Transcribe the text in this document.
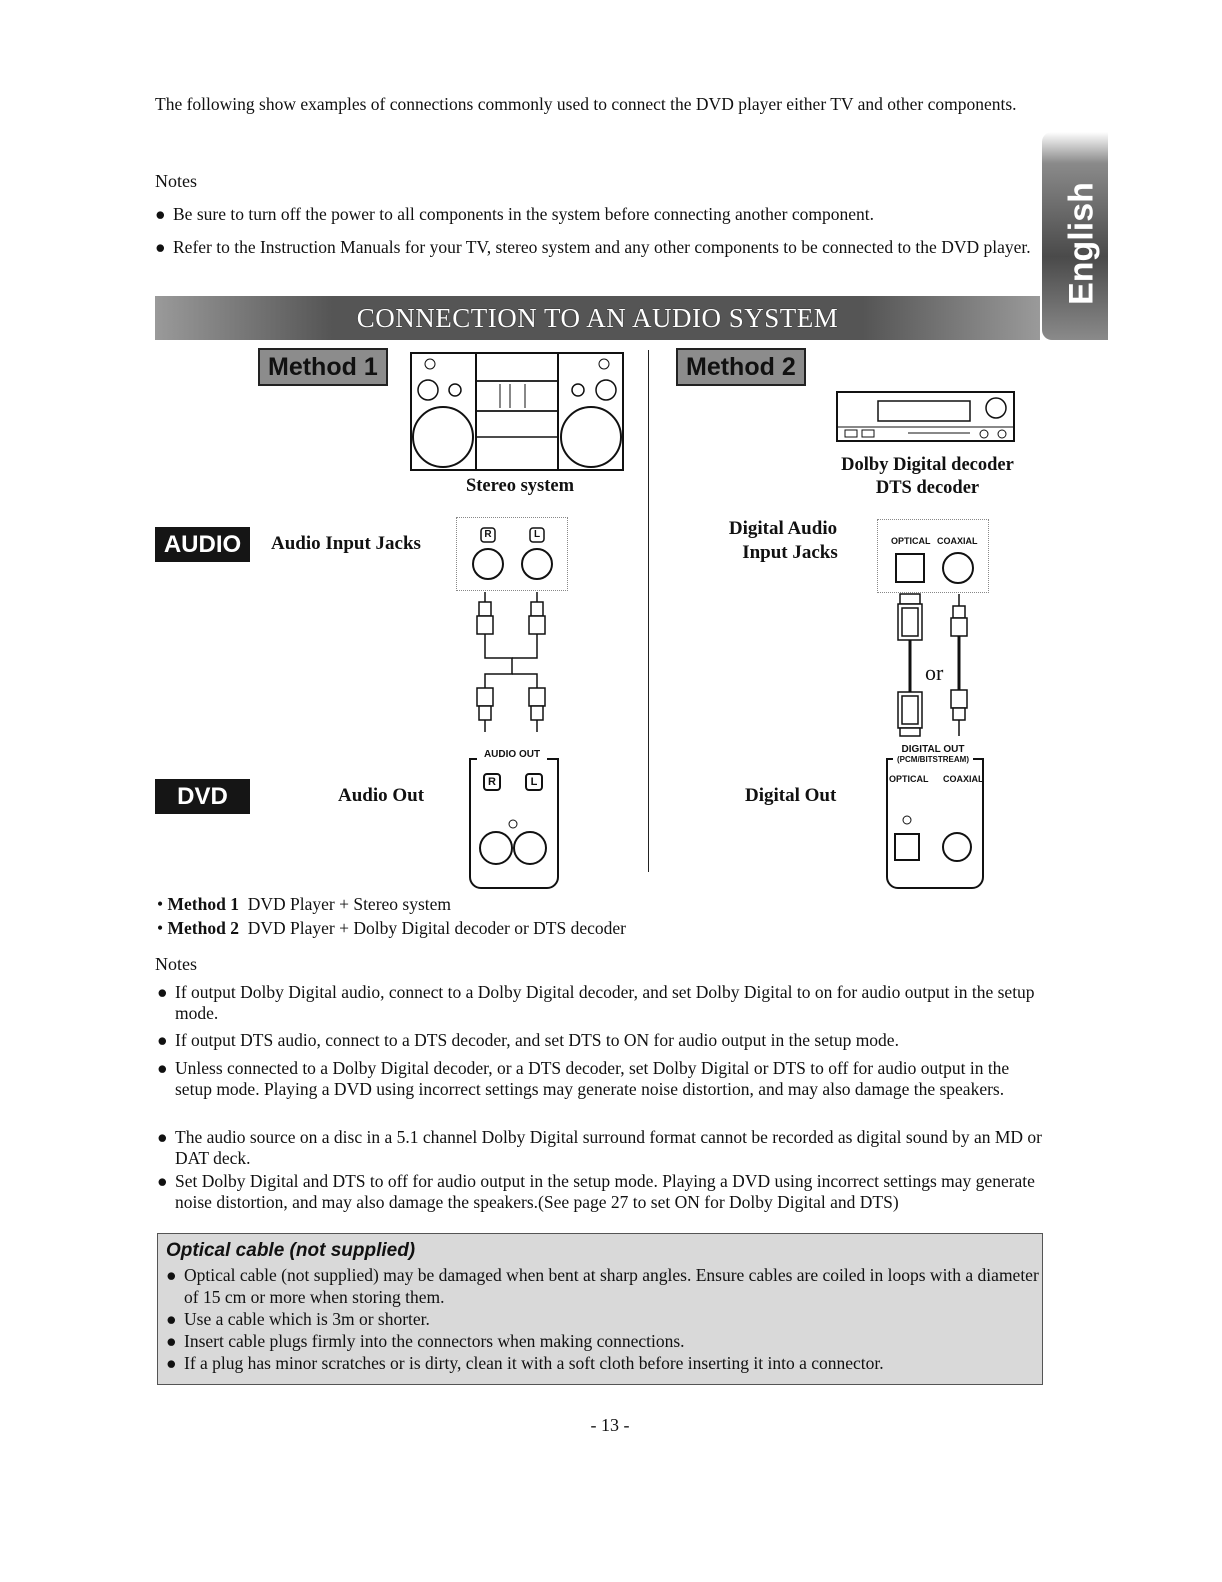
The following show examples of connections commonly used to connect the DVD player either TV and other components.
Notes
● Be sure to turn off the power to all components in the system before connecting another component.
● Refer to the Instruction Manuals for your TV, stereo system and any other components to be connected to the DVD player. English
CONNECTION TO AN AUDIO SYSTEM
Method 1	Method 2
Stereo system
Dolby Digital decoder
DTS decoder
AUDIO
DVD
Audio Input Jacks	R	L
AUDIO OUT
R	L
Audio Out
Digital Audio
Input Jacks
OPTICAL COAXIAL
or
DIGITAL OUT
(PCM/BITSTREAM)
OPTICAL COAXIAL
Digital Out
• Method 1 DVD Player + Stereo system
• Method 2 DVD Player + Dolby Digital decoder or DTS decoder
Notes
● If output Dolby Digital audio, connect to a Dolby Digital decoder, and set Dolby Digital to on for audio output in the setup mode.
● If output DTS audio, connect to a DTS decoder, and set DTS to ON for audio output in the setup mode.
● Unless connected to a Dolby Digital decoder, or a DTS decoder, set Dolby Digital or DTS to off for audio output in the setup mode. Playing a DVD using incorrect settings may generate noise distortion, and may also damage the speakers.
● The audio source on a disc in a 5.1 channel Dolby Digital surround format cannot be recorded as digital sound by an MD or DAT deck.
● Set Dolby Digital and DTS to off for audio output in the setup mode. Playing a DVD using incorrect settings may generate noise distortion, and may also damage the speakers.(See page 27 to set ON for Dolby Digital and DTS)
Optical cable (not supplied)
● Optical cable (not supplied) may be damaged when bent at sharp angles. Ensure cables are coiled in loops with a diameter of 15 cm or more when storing them.
● Use a cable which is 3m or shorter.
● Insert cable plugs firmly into the connectors when making connections.
● If a plug has minor scratches or is dirty, clean it with a soft cloth before inserting it into a connector.
- 13 -
